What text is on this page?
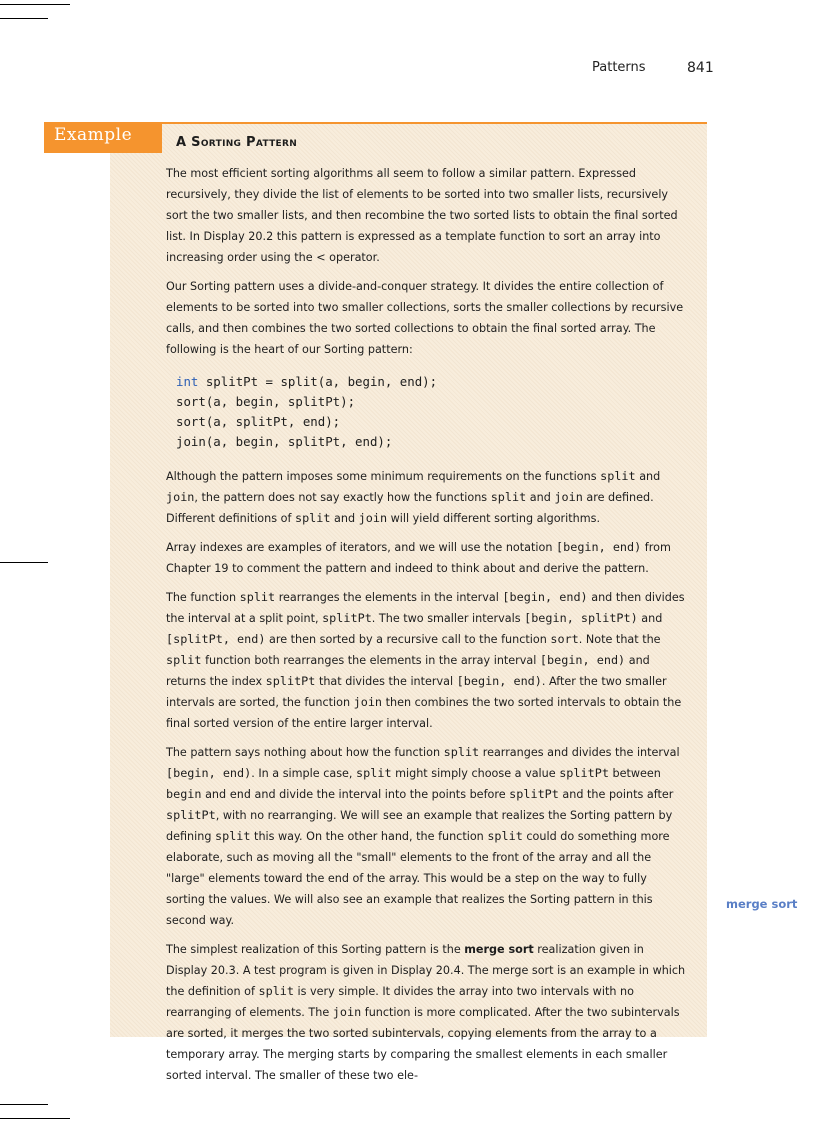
Patterns	841
Example	A Sorting Pattern

The most efficient sorting algorithms all seem to follow a similar pattern. Expressed recursively, they divide the list of elements to be sorted into two smaller lists, recursively sort the two smaller lists, and then recombine the two sorted lists to obtain the final sorted list. In Display 20.2 this pattern is expressed as a template function to sort an array into increasing order using the < operator.

Our Sorting pattern uses a divide-and-conquer strategy. It divides the entire collection of elements to be sorted into two smaller collections, sorts the smaller collections by recursive calls, and then combines the two sorted collections to obtain the final sorted array. The following is the heart of our Sorting pattern:

int splitPt = split(a, begin, end);
sort(a, begin, splitPt);
sort(a, splitPt, end);
join(a, begin, splitPt, end);

Although the pattern imposes some minimum requirements on the functions split and join, the pattern does not say exactly how the functions split and join are defined. Different definitions of split and join will yield different sorting algorithms.

Array indexes are examples of iterators, and we will use the notation [begin, end) from Chapter 19 to comment the pattern and indeed to think about and derive the pattern.

The function split rearranges the elements in the interval [begin, end) and then divides the interval at a split point, splitPt. The two smaller intervals [begin, splitPt) and [splitPt, end) are then sorted by a recursive call to the function sort. Note that the split function both rearranges the elements in the array interval [begin, end) and returns the index splitPt that divides the interval [begin, end). After the two smaller intervals are sorted, the function join then combines the two sorted intervals to obtain the final sorted version of the entire larger interval.

The pattern says nothing about how the function split rearranges and divides the interval [begin, end). In a simple case, split might simply choose a value splitPt between begin and end and divide the interval into the points before splitPt and the points after splitPt, with no rearranging. We will see an example that realizes the Sorting pattern by defining split this way. On the other hand, the function split could do something more elaborate, such as moving all the "small" elements to the front of the array and all the "large" elements toward the end of the array. This would be a step on the way to fully sorting the values. We will also see an example that realizes the Sorting pattern in this second way.

The simplest realization of this Sorting pattern is the merge sort realization given in Display 20.3. A test program is given in Display 20.4. The merge sort is an example in which the definition of split is very simple. It divides the array into two intervals with no rearranging of elements. The join function is more complicated. After the two subintervals are sorted, it merges the two sorted subintervals, copying elements from the array to a temporary array. The merging starts by comparing the smallest elements in each smaller sorted interval. The smaller of these two ele-

merge sort
